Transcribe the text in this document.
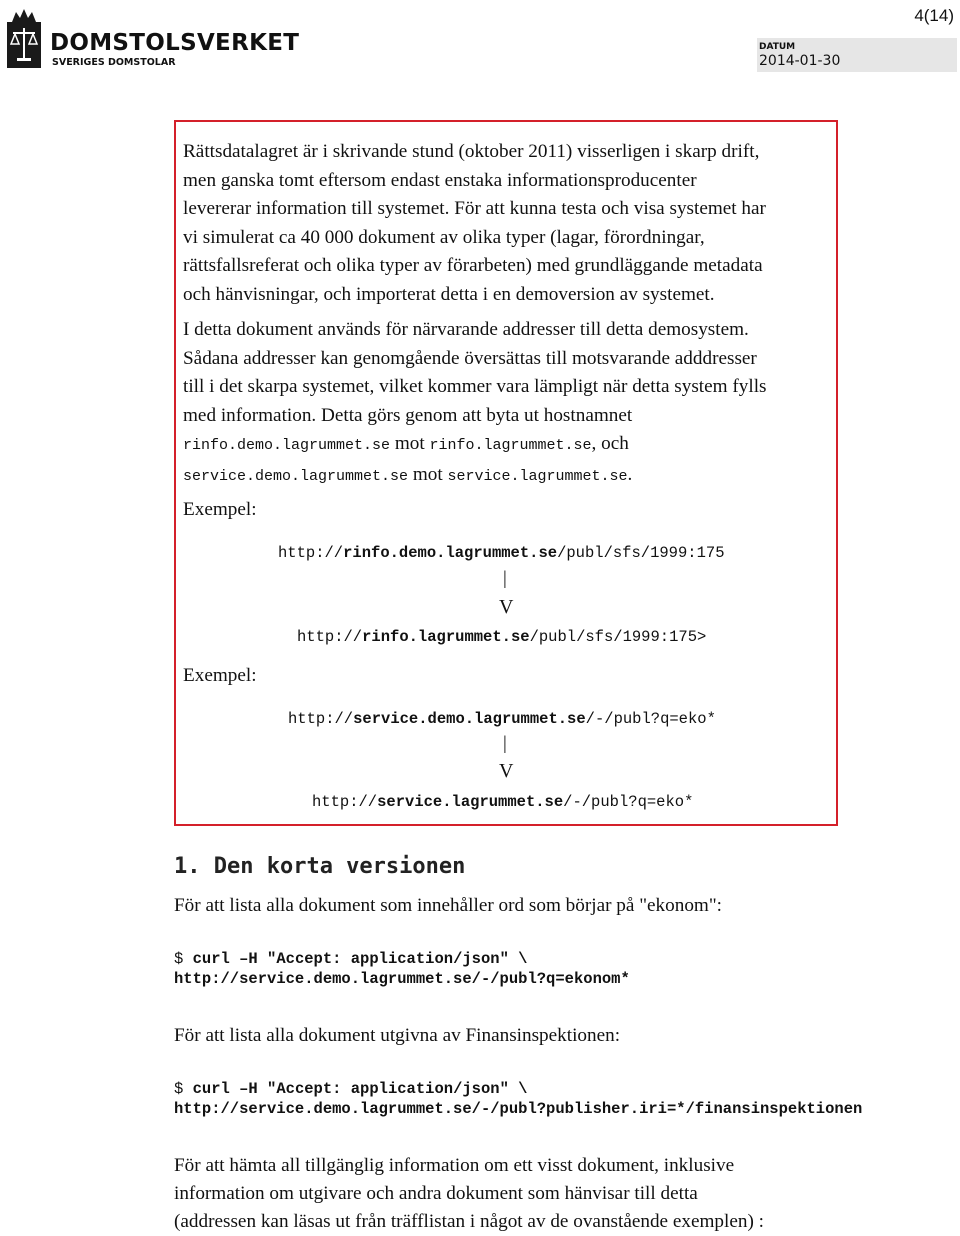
4(14)
DOMSTOLSVERKET
SVERIGES DOMSTOLAR
DATUM
2014-01-30
Rättsdatalagret är i skrivande stund (oktober 2011) visserligen i skarp drift,
men ganska tomt eftersom endast enstaka informationsproducenter
levererar information till systemet. För att kunna testa och visa systemet har
vi simulerat ca 40 000 dokument av olika typer (lagar, förordningar,
rättsfallsreferat och olika typer av förarbeten) med grundläggande metadata
och hänvisningar, och importerat detta i en demoversion av systemet.
I detta dokument används för närvarande addresser till detta demosystem.
Sådana addresser kan genomgående översättas till motsvarande adddresser
till i det skarpa systemet, vilket kommer vara lämpligt när detta system fylls
med information. Detta görs genom att byta ut hostnamnet
rinfo.demo.lagrummet.se mot rinfo.lagrummet.se, och
service.demo.lagrummet.se mot service.lagrummet.se.
Exempel:
http://rinfo.demo.lagrummet.se/publ/sfs/1999:175
|
V
http://rinfo.lagrummet.se/publ/sfs/1999:175>
Exempel:
http://service.demo.lagrummet.se/-/publ?q=eko*
|
V
http://service.lagrummet.se/-/publ?q=eko*
1. Den korta versionen
För att lista alla dokument som innehåller ord som börjar på "ekonom":
$ curl –H "Accept: application/json" \
http://service.demo.lagrummet.se/-/publ?q=ekonom*
För att lista alla dokument utgivna av Finansinspektionen:
$ curl –H "Accept: application/json" \
http://service.demo.lagrummet.se/-/publ?publisher.iri=*/finansinspektionen
För att hämta all tillgänglig information om ett visst dokument, inklusive
information om utgivare och andra dokument som hänvisar till detta
(addressen kan läsas ut från träfflistan i något av de ovanstående exemplen) :
